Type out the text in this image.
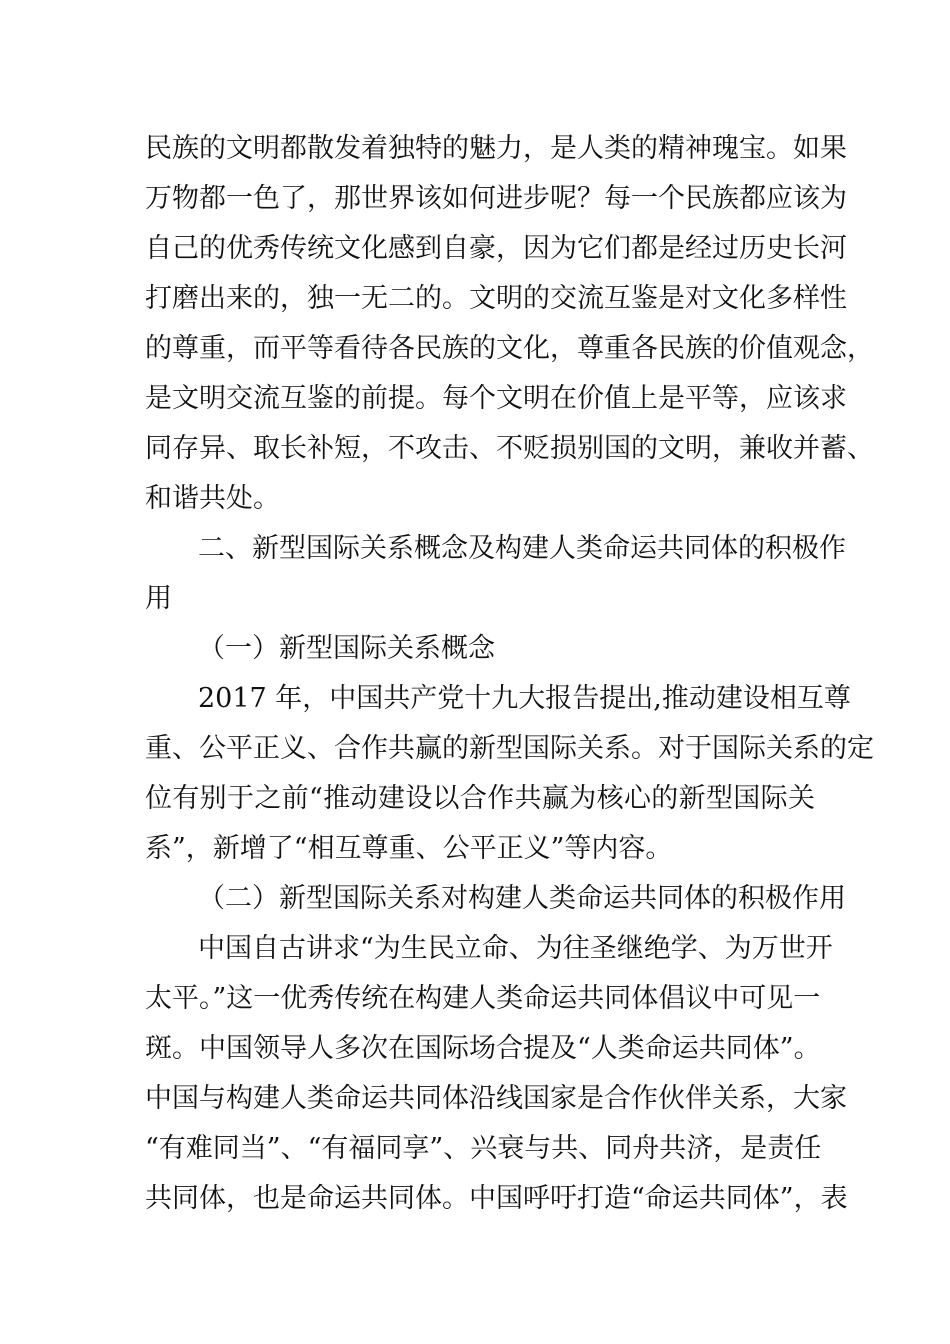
民族的文明都散发着独特的魅力，是人类的精神瑰宝。如果
万物都一色了，那世界该如何进步呢？每一个民族都应该为
自己的优秀传统文化感到自豪，因为它们都是经过历史长河
打磨出来的，独一无二的。文明的交流互鉴是对文化多样性
的尊重，而平等看待各民族的文化，尊重各民族的价值观念，
是文明交流互鉴的前提。每个文明在价值上是平等，应该求
同存异、取长补短，不攻击、不贬损别国的文明，兼收并蓄、
和谐共处。
二、新型国际关系概念及构建人类命运共同体的积极作
用
（一）新型国际关系概念
2017 年，中国共产党十九大报告提出,推动建设相互尊
重、公平正义、合作共赢的新型国际关系。对于国际关系的定
位有别于之前“推动建设以合作共赢为核心的新型国际关
系”，新增了“相互尊重、公平正义”等内容。
（二）新型国际关系对构建人类命运共同体的积极作用
中国自古讲求“为生民立命、为往圣继绝学、为万世开
太平。”这一优秀传统在构建人类命运共同体倡议中可见一
斑。中国领导人多次在国际场合提及“人类命运共同体”。
中国与构建人类命运共同体沿线国家是合作伙伴关系，大家
“有难同当”、“有福同享”、兴衰与共、同舟共济，是责任
共同体，也是命运共同体。中国呼吁打造“命运共同体”，表
